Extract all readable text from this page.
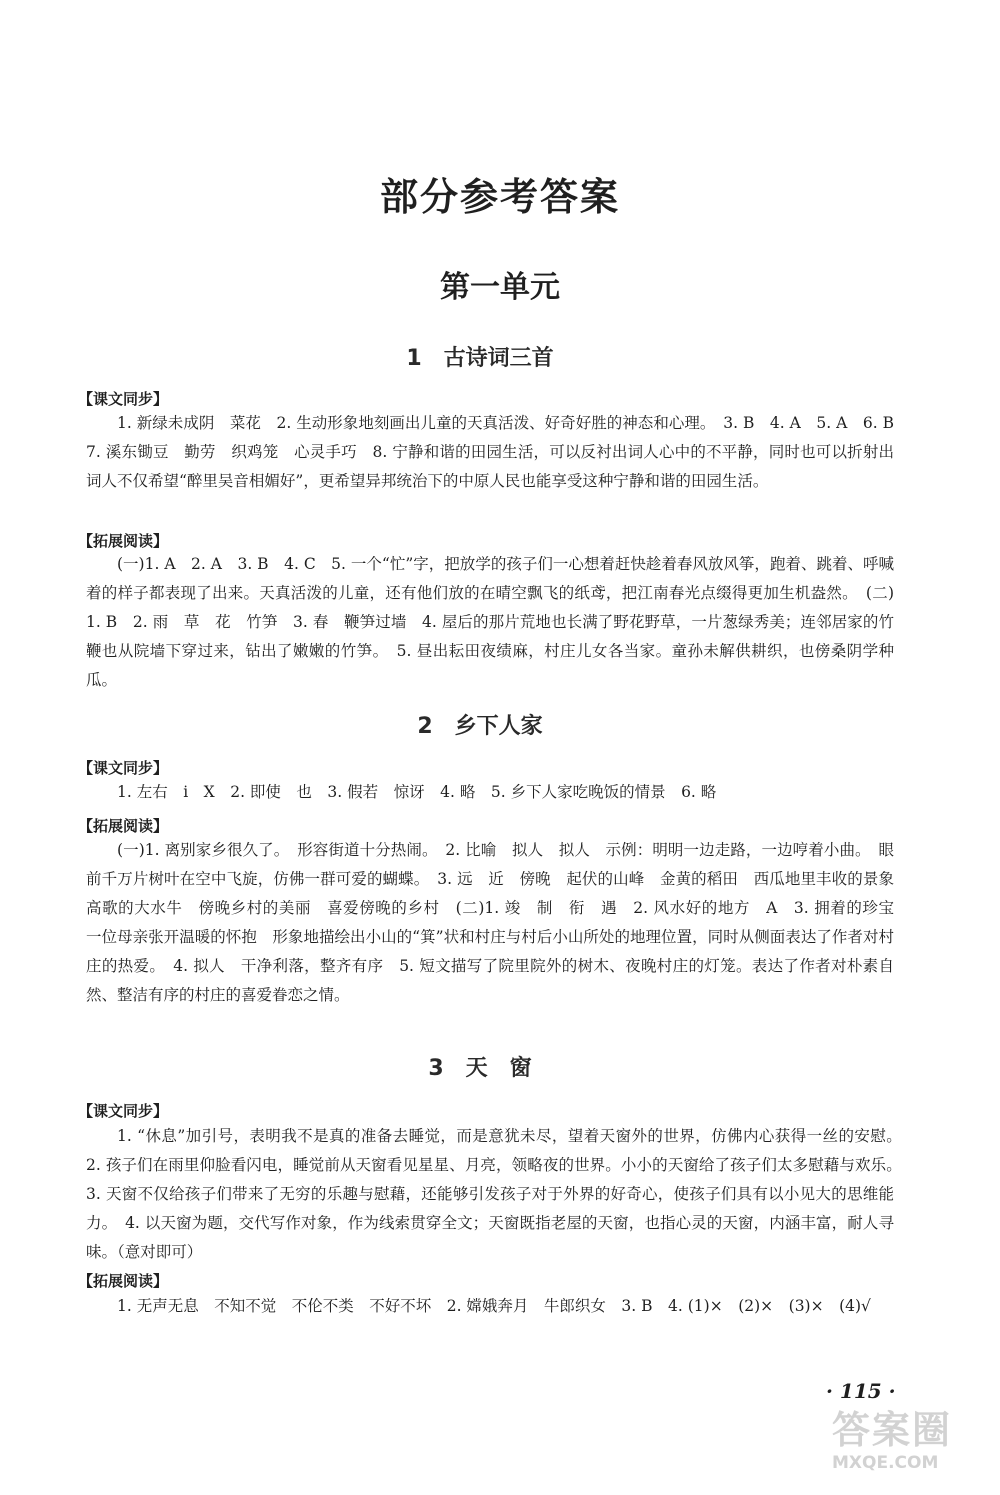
部分参考答案
第一单元
1 古诗词三首
【课文同步】
1. 新绿未成阴　菜花　2. 生动形象地刻画出儿童的天真活泼、好奇好胜的神态和心理。　3. B　4. A　5. A　6. B　7. 溪东锄豆　勤劳　织鸡笼　心灵手巧　8. 宁静和谐的田园生活，可以反衬出词人心中的不平静，同时也可以折射出词人不仅希望“醉里吴音相媚好”，更希望异邦统治下的中原人民也能享受这种宁静和谐的田园生活。
【拓展阅读】
(一)1. A　2. A　3. B　4. C　5. 一个“忙”字，把放学的孩子们一心想着赶快趁着春风放风筝，跑着、跳着、呼喊着的样子都表现了出来。天真活泼的儿童，还有他们放的在晴空飘飞的纸鸢，把江南春光点缀得更加生机盎然。　(二)1. B　2. 雨　草　花　竹笋　3. 春　鞭笋过墙　4. 屋后的那片荒地也长满了野花野草，一片葱绿秀美；连邻居家的竹鞭也从院墙下穿过来，钻出了嫩嫩的竹笋。　5. 昼出耘田夜绩麻，村庄儿女各当家。童孙未解供耕织，也傍桑阴学种瓜。
2 乡下人家
【课文同步】
1. 左右　i　X　2. 即使　也　3. 假若　惊讶　4. 略　5. 乡下人家吃晚饭的情景　6. 略
【拓展阅读】
(一)1. 离别家乡很久了。　形容街道十分热闹。　2. 比喻　拟人　拟人　示例：明明一边走路，一边哼着小曲。　眼前千万片树叶在空中飞旋，仿佛一群可爱的蝴蝶。　3. 远　近　傍晚　起伏的山峰　金黄的稻田　西瓜地里丰收的景象　高歌的大水牛　傍晚乡村的美丽　喜爱傍晚的乡村　(二)1. 竣　制　衔　遇　2. 风水好的地方　A　3. 拥着的珍宝　一位母亲张开温暖的怀抱　形象地描绘出小山的“箕”状和村庄与村后小山所处的地理位置，同时从侧面表达了作者对村庄的热爱。　4. 拟人　干净利落，整齐有序　5. 短文描写了院里院外的树木、夜晚村庄的灯笼。表达了作者对朴素自然、整洁有序的村庄的喜爱眷恋之情。
3 天　窗
【课文同步】
1. “休息”加引号，表明我不是真的准备去睡觉，而是意犹未尽，望着天窗外的世界，仿佛内心获得一丝的安慰。　2. 孩子们在雨里仰脸看闪电，睡觉前从天窗看见星星、月亮，领略夜的世界。小小的天窗给了孩子们太多慰藉与欢乐。　3. 天窗不仅给孩子们带来了无穷的乐趣与慰藉，还能够引发孩子对于外界的好奇心，使孩子们具有以小见大的思维能力。　4. 以天窗为题，交代写作对象，作为线索贯穿全文；天窗既指老屋的天窗，也指心灵的天窗，内涵丰富，耐人寻味。（意对即可）
【拓展阅读】
1. 无声无息　不知不觉　不伦不类　不好不坏　2. 嫦娥奔月　牛郎织女　3. B　4. (1)×　(2)×　(3)×　(4)√
· 115 ·
答案圈
MXQE.COM
